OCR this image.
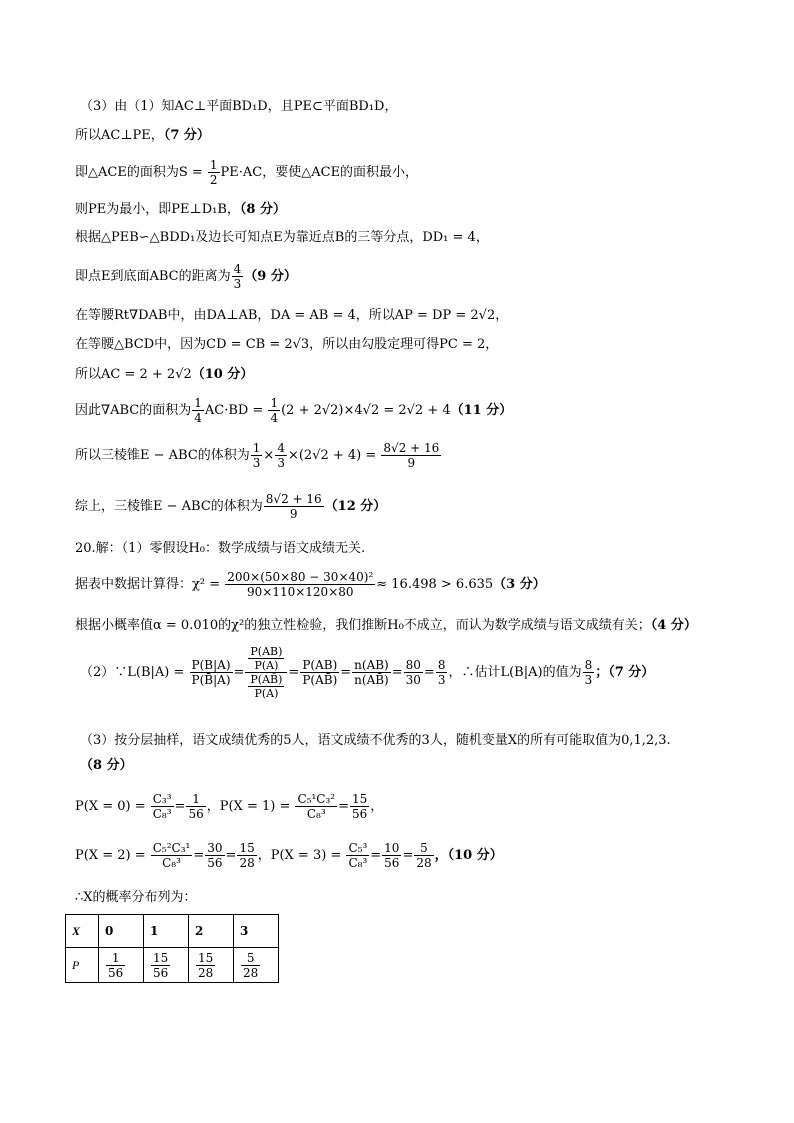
（3）由（1）知AC⊥平面BD₁D，且PE⊂平面BD₁D，
所以AC⊥PE，（7 分）
即△ACE的面积为$S = \frac{1}{2} PE\cdot AC$，要使△ACE的面积最小，
则PE为最小，即PE⊥D₁B，（8 分）
根据△PEB∽△BDD₁及边长可知点E为靠近点B的三等分点，DD₁ = 4，
即点E到底面ABC的距离为 $\frac{4}{3} (9$ 分）
在等腰Rt∇DAB中，由DA⊥AB，DA = AB = 4，所以AP = DP = 2√2，
在等腰△BCD中，因为CD = CB = 2√3，所以由勾股定理可得PC = 2，
所以AC = 2 + 2√2（10 分）
因此∇ABC的面积为 $\frac{1}{4} AC\cdot BD = \frac{1}{4} (2 + 2√2)\times 4√2 = 2√2 + 4(11$ 分）
所以三棱锥E − ABC的体积为 $\frac{1}{3} \times \frac{4}{3} \times(2√2 + 4) = \frac{8√2 + 16}{9}$
综上，三棱锥E − ABC的体积为 $\frac{8√2 + 16}{9} (12$ 分）
20.解：（1）零假设H₀：数学成绩与语文成绩无关.
据表中数据计算得：$\chi^2 = \frac{\text{200×(50×80 − 30×40)²}}{90\times 110\times 120\times 80} \approx 16.498 > 6.635(3$ 分）
根据小概率值α = 0.010的χ²的独立性检验，我们推断H₀不成立，而认为数学成绩与语文成绩有关；（4 分）
（2）∵L(B|A) = $\frac{P(B|A)}{P(B̄|A)} = \frac{\frac{P(AB)}{P(A)}}{\frac{P(AB̄)}{P(A)}} = \frac{P(AB)}{P(AB̄)} = \frac{n(AB)}{n(AB̄)} = \frac{80}{30} = \frac{8}{3}$ ，∴估计L(B|A)的值为 $\frac{8}{3}$ ；（7 分）
（3）按分层抽样，语文成绩优秀的5人，语文成绩不优秀的3人，随机变量X的所有可能取值为0,1,2,3.
（8 分）
$P(X = 0) = \frac{\text{C₃³}}{\text{C₈³}} = \frac{1}{56}$ ，$P(X = 1) = \frac{\text{C₅¹C₃²}}{\text{C₈³}} = \frac{15}{56}$ ，
$P(X = 2) = \frac{\text{C₅²C₃¹}}{\text{C₈³}} = \frac{30}{56} = \frac{15}{28}$ ，$P(X = 3) = \frac{\text{C₅³}}{\text{C₈³}} = \frac{10}{56} = \frac{5}{28}$ ，（10 分）
∴X的概率分布列为：
X	0	1	2	3
P	$\frac{1}{56}$	$\frac{15}{56}$	$\frac{15}{28}$	$\frac{5}{28}$
